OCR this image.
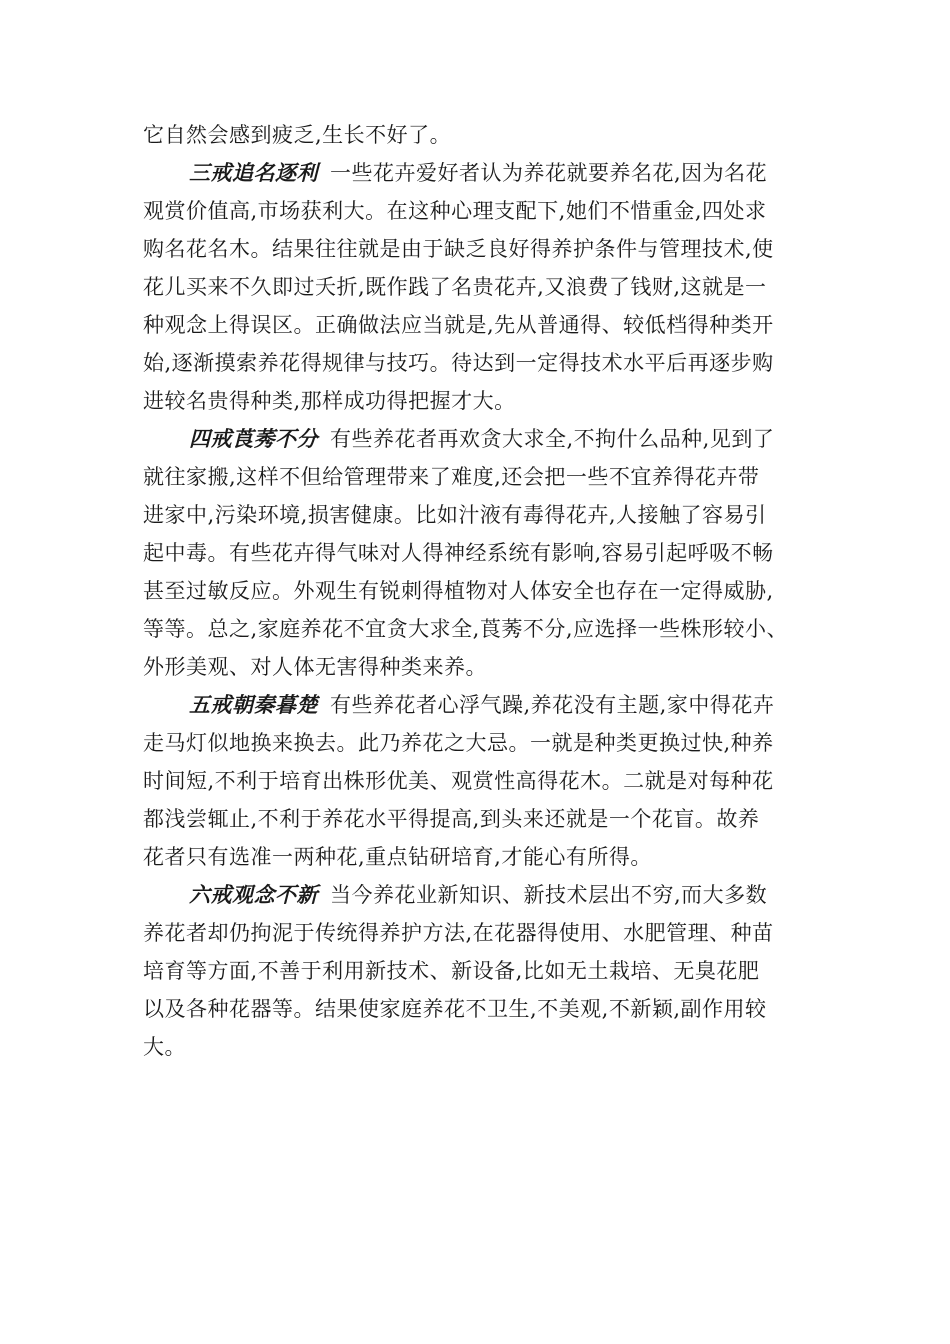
它自然会感到疲乏,生长不好了。
三戒追名逐利 一些花卉爱好者认为养花就要养名花,因为名花
观赏价值高,市场获利大。在这种心理支配下,她们不惜重金,四处求
购名花名木。结果往往就是由于缺乏良好得养护条件与管理技术,使
花儿买来不久即过夭折,既作践了名贵花卉,又浪费了钱财,这就是一
种观念上得误区。正确做法应当就是,先从普通得、较低档得种类开
始,逐渐摸索养花得规律与技巧。待达到一定得技术水平后再逐步购
进较名贵得种类,那样成功得把握才大。
四戒莨莠不分 有些养花者再欢贪大求全,不拘什么品种,见到了
就往家搬,这样不但给管理带来了难度,还会把一些不宜养得花卉带
进家中,污染环境,损害健康。比如汁液有毒得花卉,人接触了容易引
起中毒。有些花卉得气味对人得神经系统有影响,容易引起呼吸不畅
甚至过敏反应。外观生有锐刺得植物对人体安全也存在一定得威胁,
等等。总之,家庭养花不宜贪大求全,莨莠不分,应选择一些株形较小、
外形美观、对人体无害得种类来养。
五戒朝秦暮楚 有些养花者心浮气躁,养花没有主题,家中得花卉
走马灯似地换来换去。此乃养花之大忌。一就是种类更换过快,种养
时间短,不利于培育出株形优美、观赏性高得花木。二就是对每种花
都浅尝辄止,不利于养花水平得提高,到头来还就是一个花盲。故养
花者只有选准一两种花,重点钻研培育,才能心有所得。
六戒观念不新 当今养花业新知识、新技术层出不穷,而大多数
养花者却仍拘泥于传统得养护方法,在花器得使用、水肥管理、种苗
培育等方面,不善于利用新技术、新设备,比如无土栽培、无臭花肥
以及各种花器等。结果使家庭养花不卫生,不美观,不新颖,副作用较
大。
